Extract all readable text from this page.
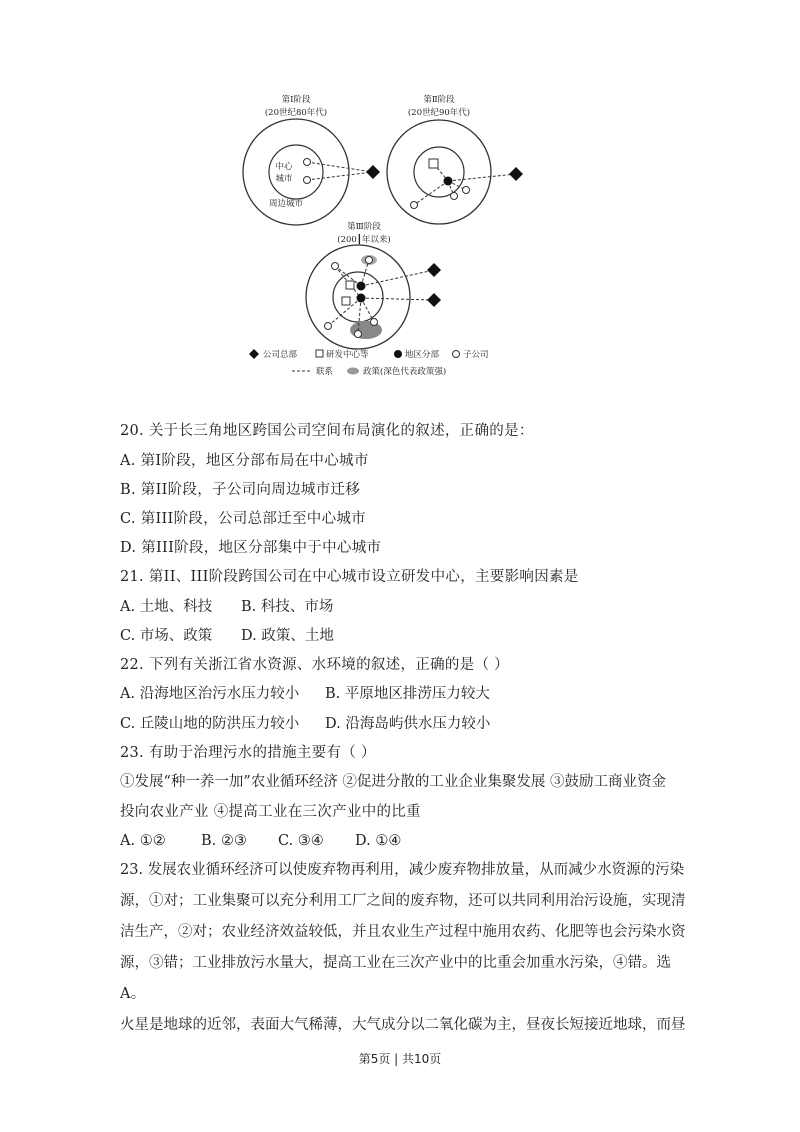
第Ⅰ阶段
(20世纪80年代)
中心
城市
周边城市
第Ⅱ阶段
(20世纪90年代)
第Ⅲ阶段
(200┃年以来)
公司总部	研发中心等	地区分部	子公司
联系	政策(深色代表政策强)
20. 关于长三角地区跨国公司空间布局演化的叙述，正确的是：
A. 第Ⅰ阶段，地区分部布局在中心城市
B. 第II阶段，子公司向周边城市迁移
C. 第III阶段，公司总部迁至中心城市
D. 第III阶段，地区分部集中于中心城市
21. 第II、III阶段跨国公司在中心城市设立研发中心，主要影响因素是
A. 土地、科技 B. 科技、市场
C. 市场、政策 D. 政策、土地
22. 下列有关浙江省水资源、水环境的叙述，正确的是（ ）
A. 沿海地区治污水压力较小 B. 平原地区排涝压力较大
C. 丘陵山地的防洪压力较小 D. 沿海岛屿供水压力较小
23. 有助于治理污水的措施主要有（ ）
①发展“种一养一加”农业循环经济 ②促进分散的工业企业集聚发展 ③鼓励工商业资金
投向农业产业 ④提高工业在三次产业中的比重
A. ①② B. ②③ C. ③④ D. ①④
23. 发展农业循环经济可以使废弃物再利用，减少废弃物排放量，从而减少水资源的污染
源，①对；工业集聚可以充分利用工厂之间的废弃物，还可以共同利用治污设施，实现清
洁生产，②对；农业经济效益较低，并且农业生产过程中施用农药、化肥等也会污染水资
源，③错；工业排放污水量大，提高工业在三次产业中的比重会加重水污染，④错。选
A。
火星是地球的近邻，表面大气稀薄，大气成分以二氧化碳为主，昼夜长短接近地球，而昼
第5页 | 共10页
